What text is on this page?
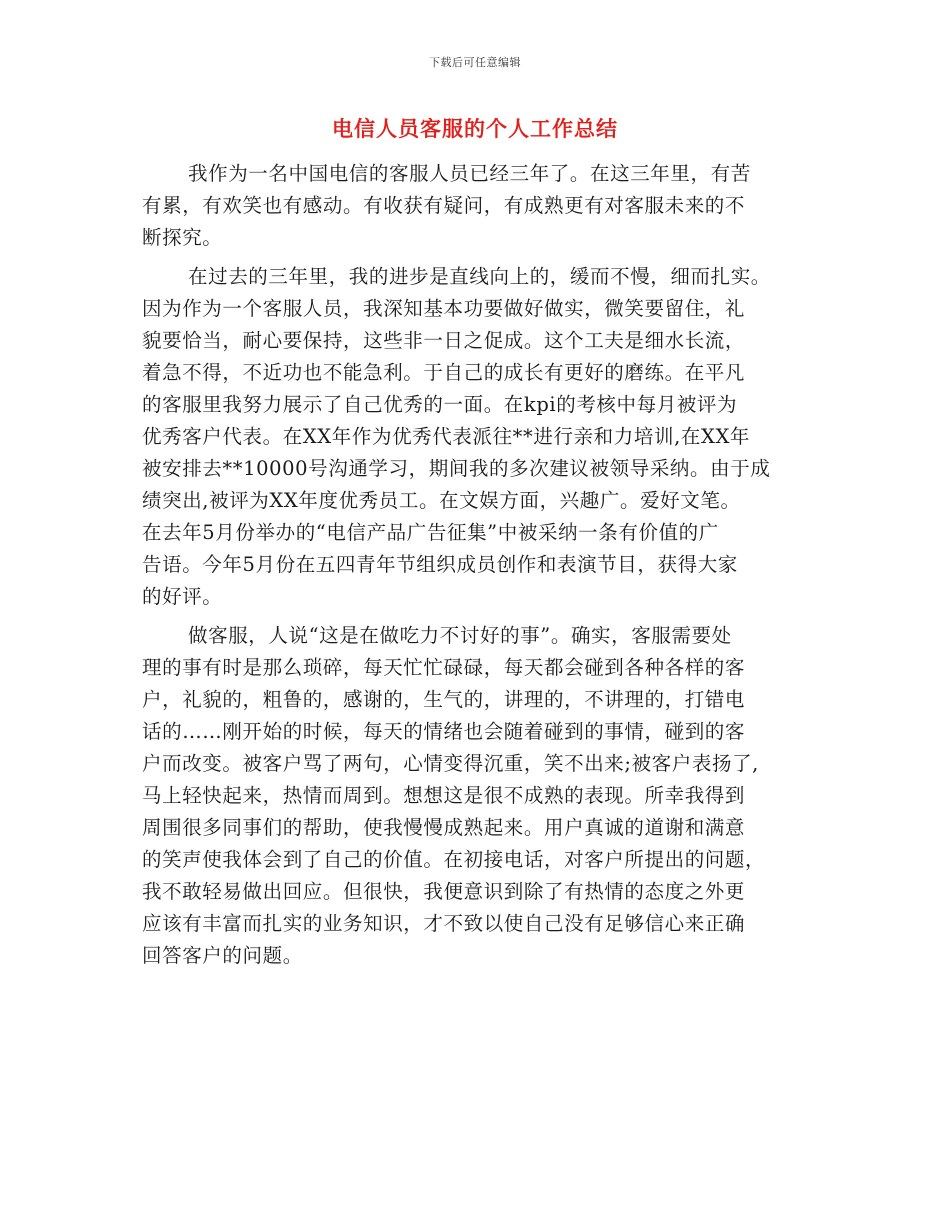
下载后可任意编辑
电信人员客服的个人工作总结
我作为一名中国电信的客服人员已经三年了。在这三年里，有苦
有累，有欢笑也有感动。有收获有疑问，有成熟更有对客服未来的不
断探究。
在过去的三年里，我的进步是直线向上的，缓而不慢，细而扎实。
因为作为一个客服人员，我深知基本功要做好做实，微笑要留住，礼
貌要恰当，耐心要保持，这些非一日之促成。这个工夫是细水长流，
着急不得，不近功也不能急利。于自己的成长有更好的磨练。在平凡
的客服里我努力展示了自己优秀的一面。在kpi的考核中每月被评为
优秀客户代表。在XX年作为优秀代表派往**进行亲和力培训,在XX年
被安排去**10000号沟通学习，期间我的多次建议被领导采纳。由于成
绩突出,被评为XX年度优秀员工。在文娱方面，兴趣广。爱好文笔。
在去年5月份举办的“电信产品广告征集”中被采纳一条有价值的广
告语。今年5月份在五四青年节组织成员创作和表演节目，获得大家
的好评。
做客服，人说“这是在做吃力不讨好的事”。确实，客服需要处
理的事有时是那么琐碎，每天忙忙碌碌，每天都会碰到各种各样的客
户，礼貌的，粗鲁的，感谢的，生气的，讲理的，不讲理的，打错电
话的……刚开始的时候，每天的情绪也会随着碰到的事情，碰到的客
户而改变。被客户骂了两句，心情变得沉重，笑不出来;被客户表扬了,
马上轻快起来，热情而周到。想想这是很不成熟的表现。所幸我得到
周围很多同事们的帮助，使我慢慢成熟起来。用户真诚的道谢和满意
的笑声使我体会到了自己的价值。在初接电话，对客户所提出的问题，
我不敢轻易做出回应。但很快，我便意识到除了有热情的态度之外更
应该有丰富而扎实的业务知识，才不致以使自己没有足够信心来正确
回答客户的问题。
